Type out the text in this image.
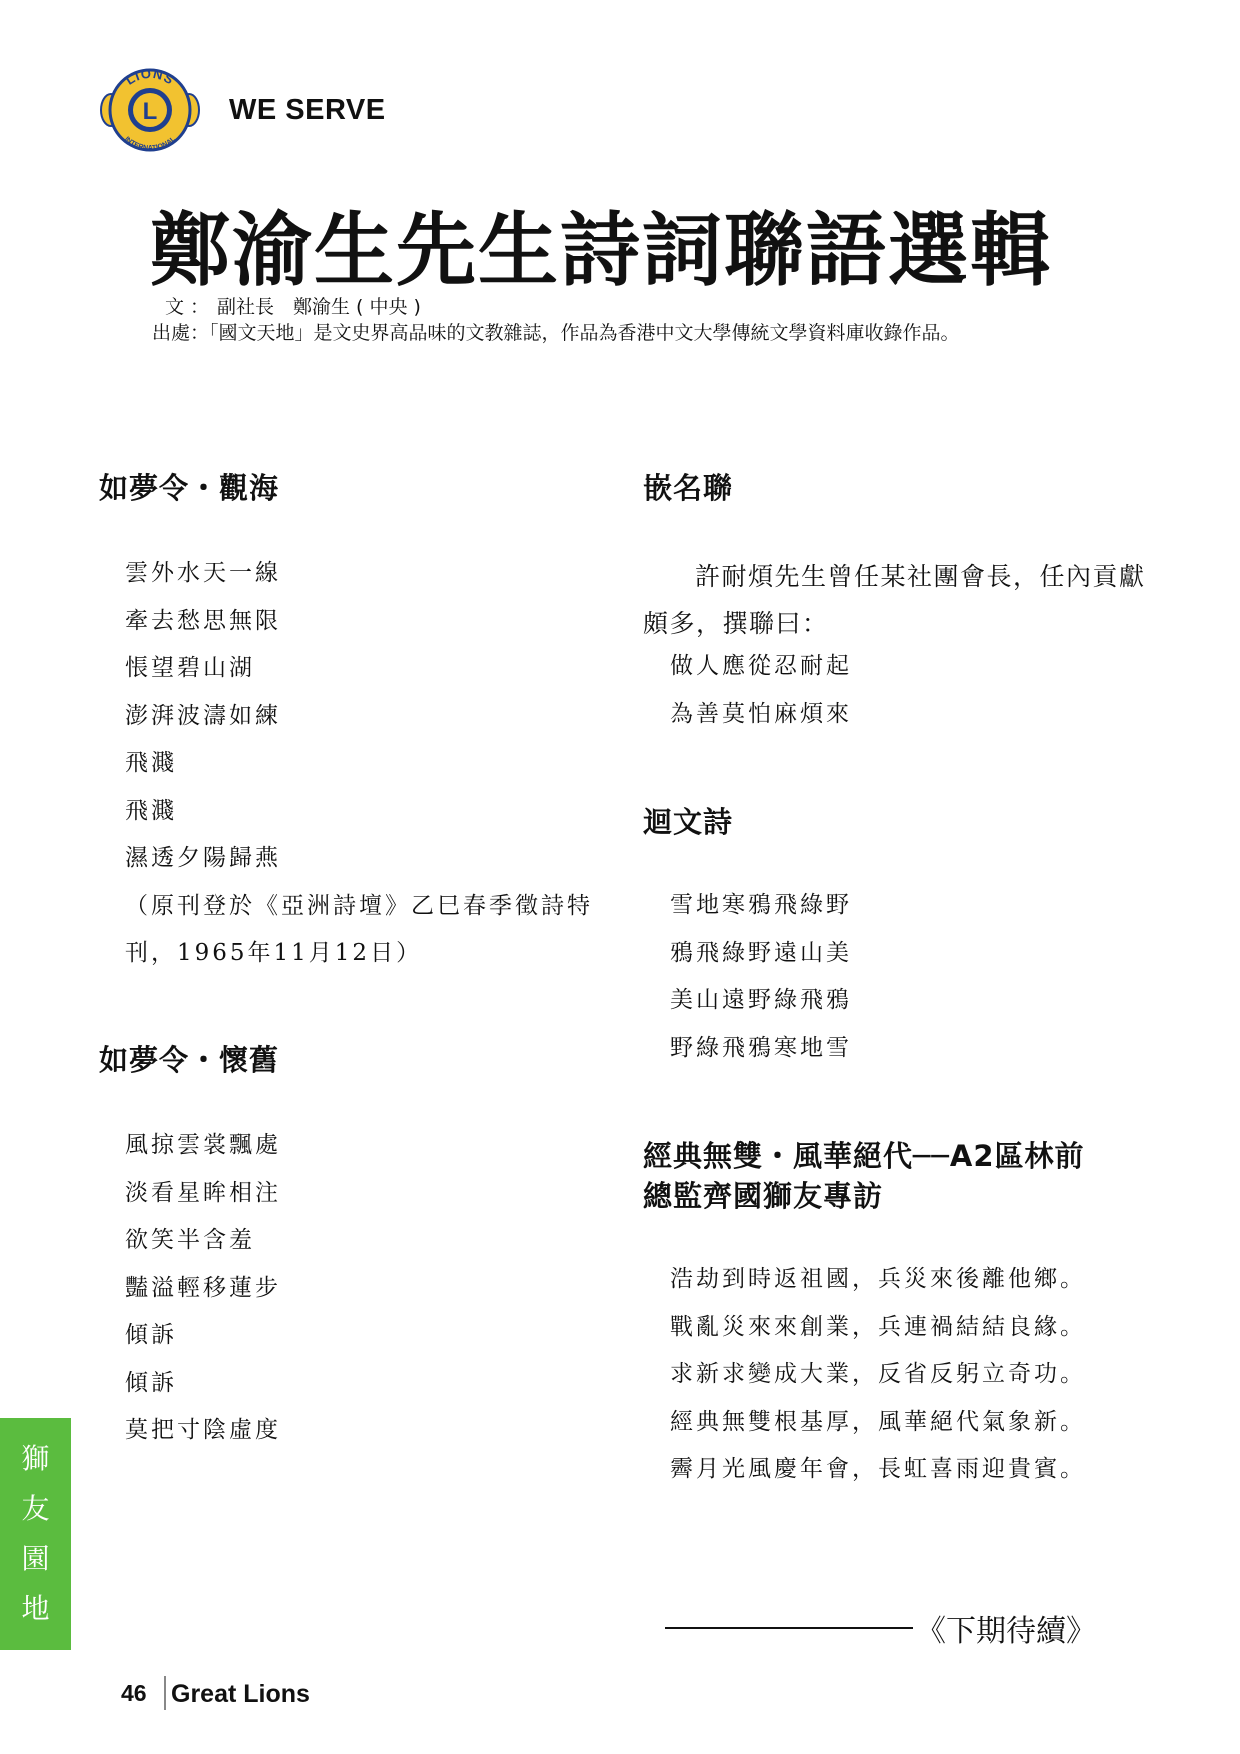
L
LIONS
INTERNATIONAL
WE SERVE
鄭渝生先生詩詞聯語選輯
文 ： 副社長　鄭渝生 ( 中央 )
出處：「國文天地」是文史界高品味的文教雜誌，作品為香港中文大學傳統文學資料庫收錄作品。
如夢令・觀海
雲外水天一線
牽去愁思無限
悵望碧山湖
澎湃波濤如練
飛濺
飛濺
濕透夕陽歸燕
（原刊登於《亞洲詩壇》乙巳春季徵詩特
刊，1965年11月12日）
如夢令・懷舊
風掠雲裳飄處
淡看星眸相注
欲笑半含羞
豔溢輕移蓮步
傾訴
傾訴
莫把寸陰虛度
嵌名聯
許耐煩先生曾任某社團會長，任內貢獻
頗多，撰聯曰：
做人應從忍耐起
為善莫怕麻煩來
迴文詩
雪地寒鴉飛綠野
鴉飛綠野遠山美
美山遠野綠飛鴉
野綠飛鴉寒地雪
經典無雙・風華絕代──A2區林前
總監齊國獅友專訪
浩劫到時返祖國，兵災來後離他鄉。
戰亂災來來創業，兵連禍結結良緣。
求新求變成大業，反省反躬立奇功。
經典無雙根基厚，風華絕代氣象新。
霽月光風慶年會，長虹喜雨迎貴賓。
《下期待續》
獅
友
園
地
46 Great Lions
